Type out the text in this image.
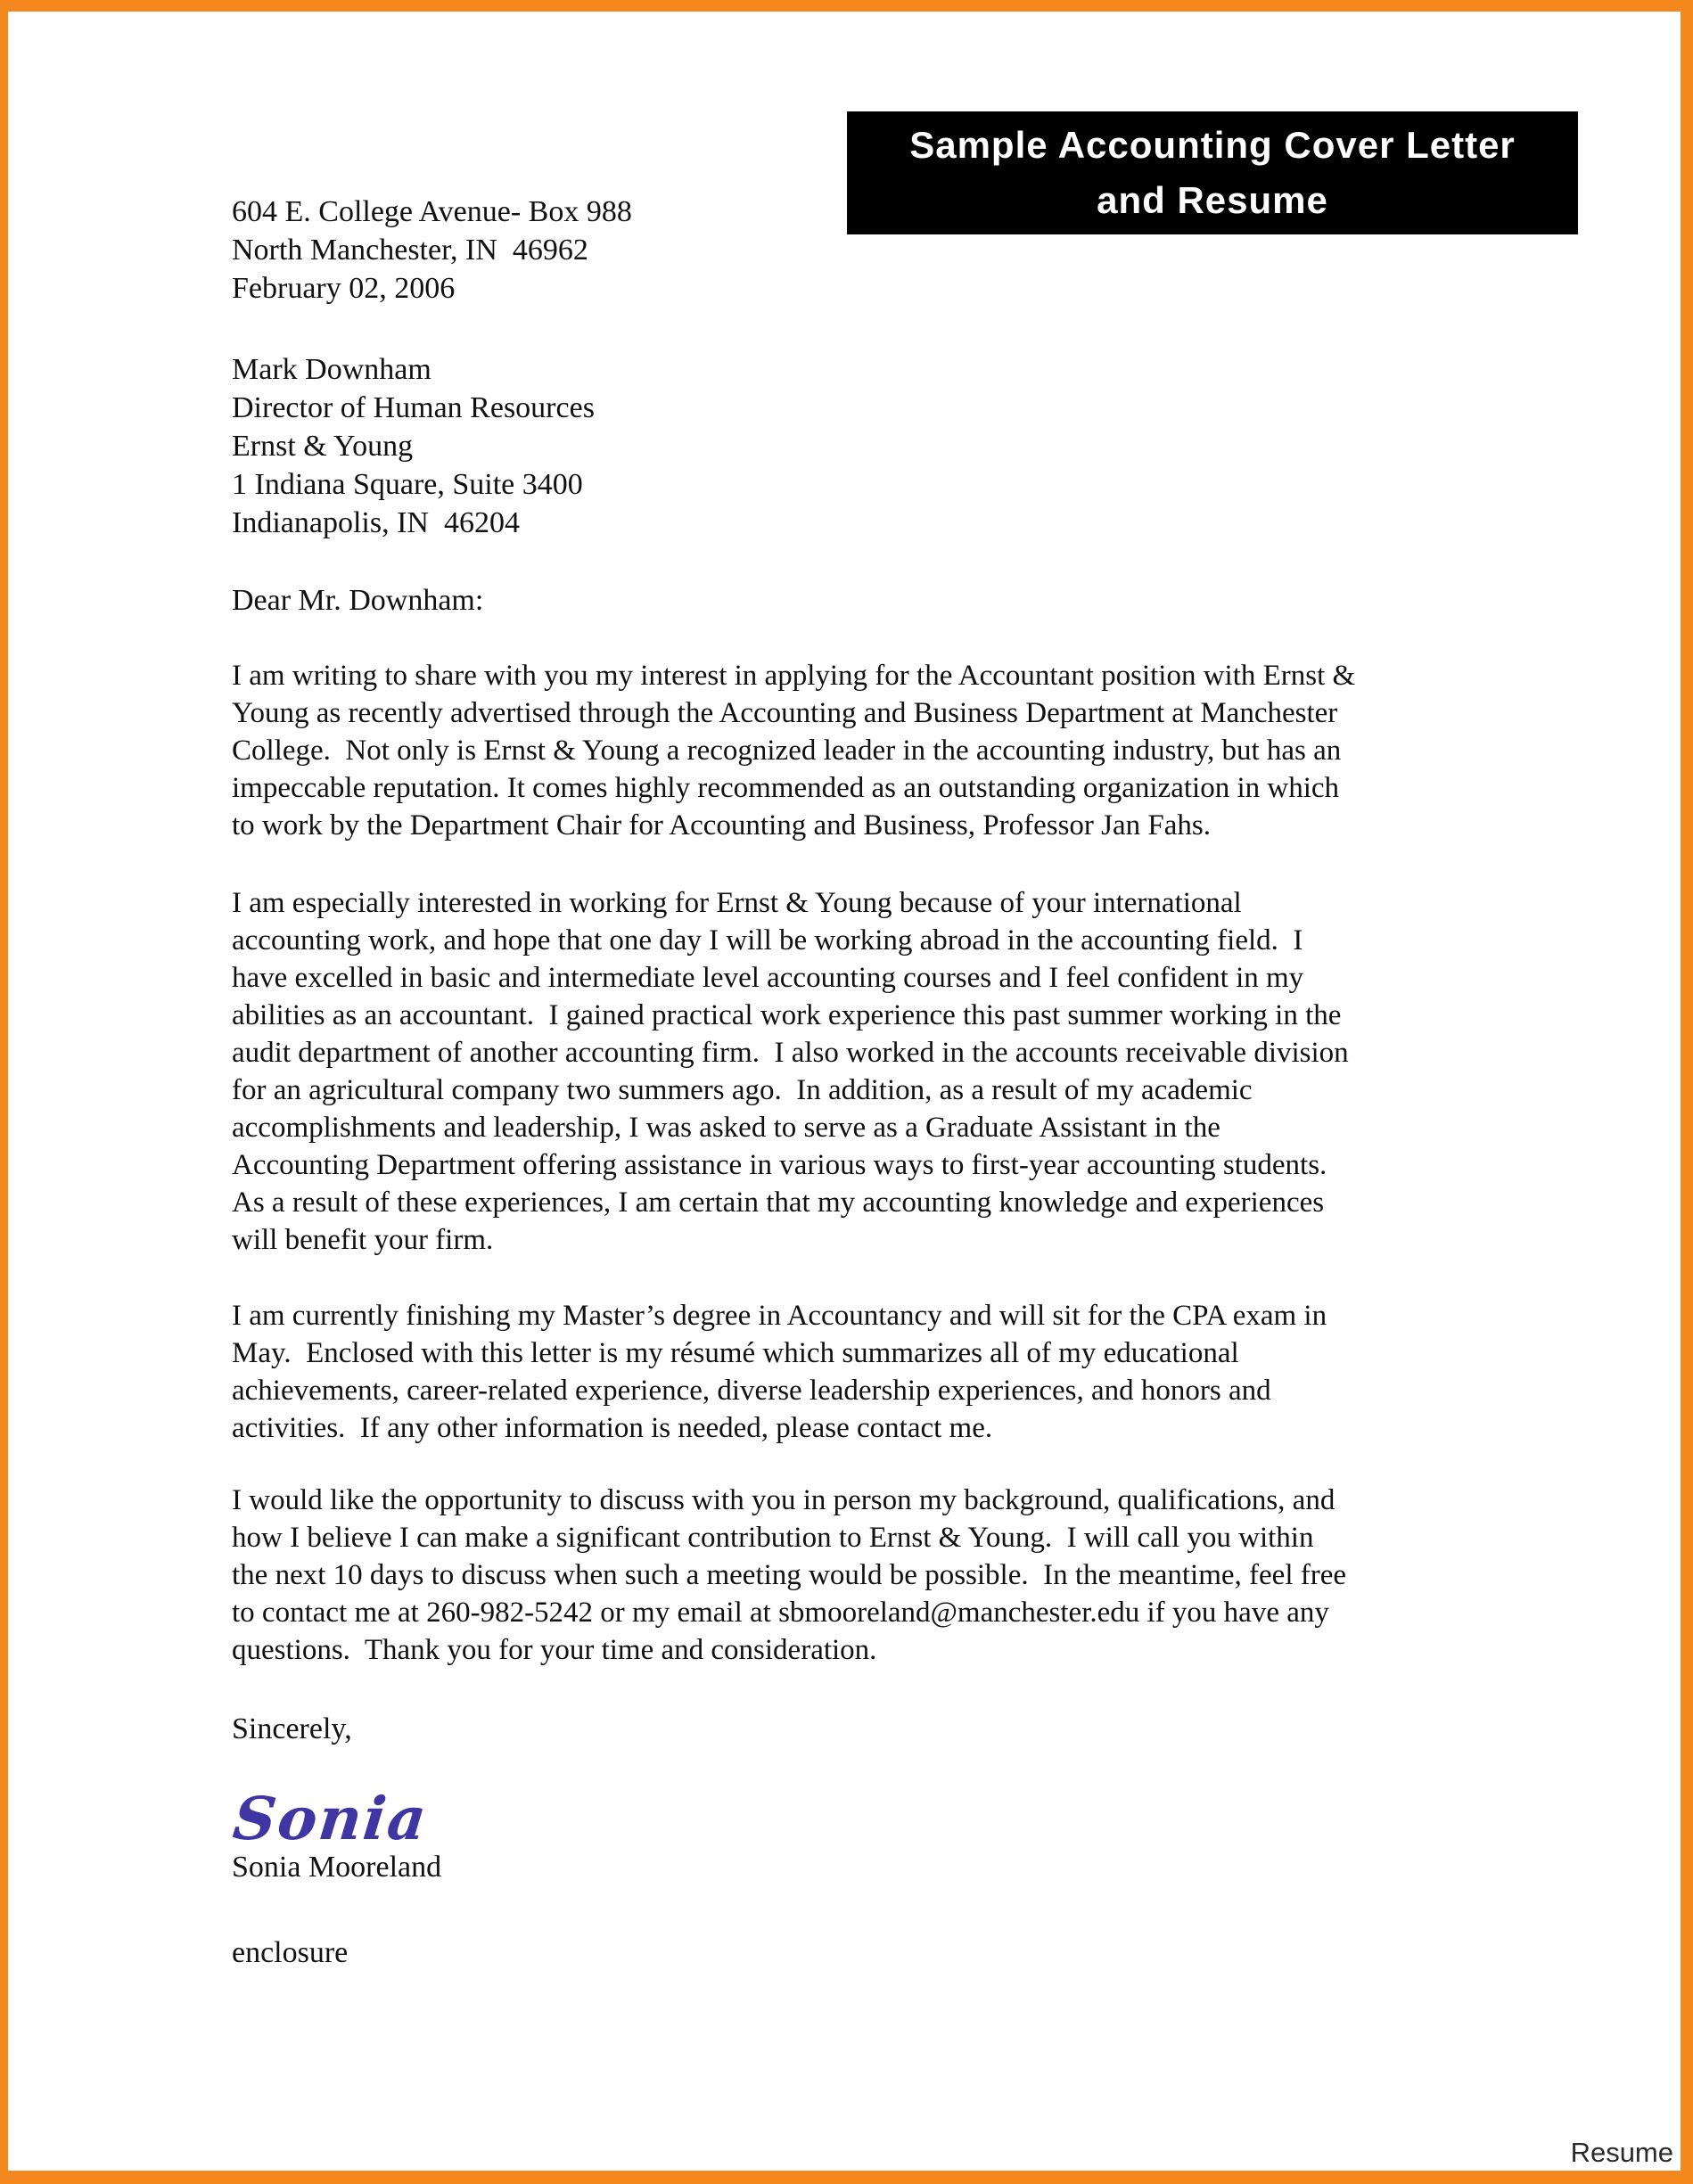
Sample Accounting Cover Letter
and Resume
604 E. College Avenue- Box 988
North Manchester, IN  46962
February 02, 2006
Mark Downham
Director of Human Resources
Ernst & Young
1 Indiana Square, Suite 3400
Indianapolis, IN  46204
Dear Mr. Downham:
I am writing to share with you my interest in applying for the Accountant position with Ernst &
Young as recently advertised through the Accounting and Business Department at Manchester
College.  Not only is Ernst & Young a recognized leader in the accounting industry, but has an
impeccable reputation. It comes highly recommended as an outstanding organization in which
to work by the Department Chair for Accounting and Business, Professor Jan Fahs.
I am especially interested in working for Ernst & Young because of your international
accounting work, and hope that one day I will be working abroad in the accounting field.  I
have excelled in basic and intermediate level accounting courses and I feel confident in my
abilities as an accountant.  I gained practical work experience this past summer working in the
audit department of another accounting firm.  I also worked in the accounts receivable division
for an agricultural company two summers ago.  In addition, as a result of my academic
accomplishments and leadership, I was asked to serve as a Graduate Assistant in the
Accounting Department offering assistance in various ways to first-year accounting students.
As a result of these experiences, I am certain that my accounting knowledge and experiences
will benefit your firm.
I am currently finishing my Master’s degree in Accountancy and will sit for the CPA exam in
May.  Enclosed with this letter is my résumé which summarizes all of my educational
achievements, career-related experience, diverse leadership experiences, and honors and
activities.  If any other information is needed, please contact me.
I would like the opportunity to discuss with you in person my background, qualifications, and
how I believe I can make a significant contribution to Ernst & Young.  I will call you within
the next 10 days to discuss when such a meeting would be possible.  In the meantime, feel free
to contact me at 260-982-5242 or my email at sbmooreland@manchester.edu if you have any
questions.  Thank you for your time and consideration.
Sincerely,
Sonia
Sonia Mooreland
enclosure
Resume
